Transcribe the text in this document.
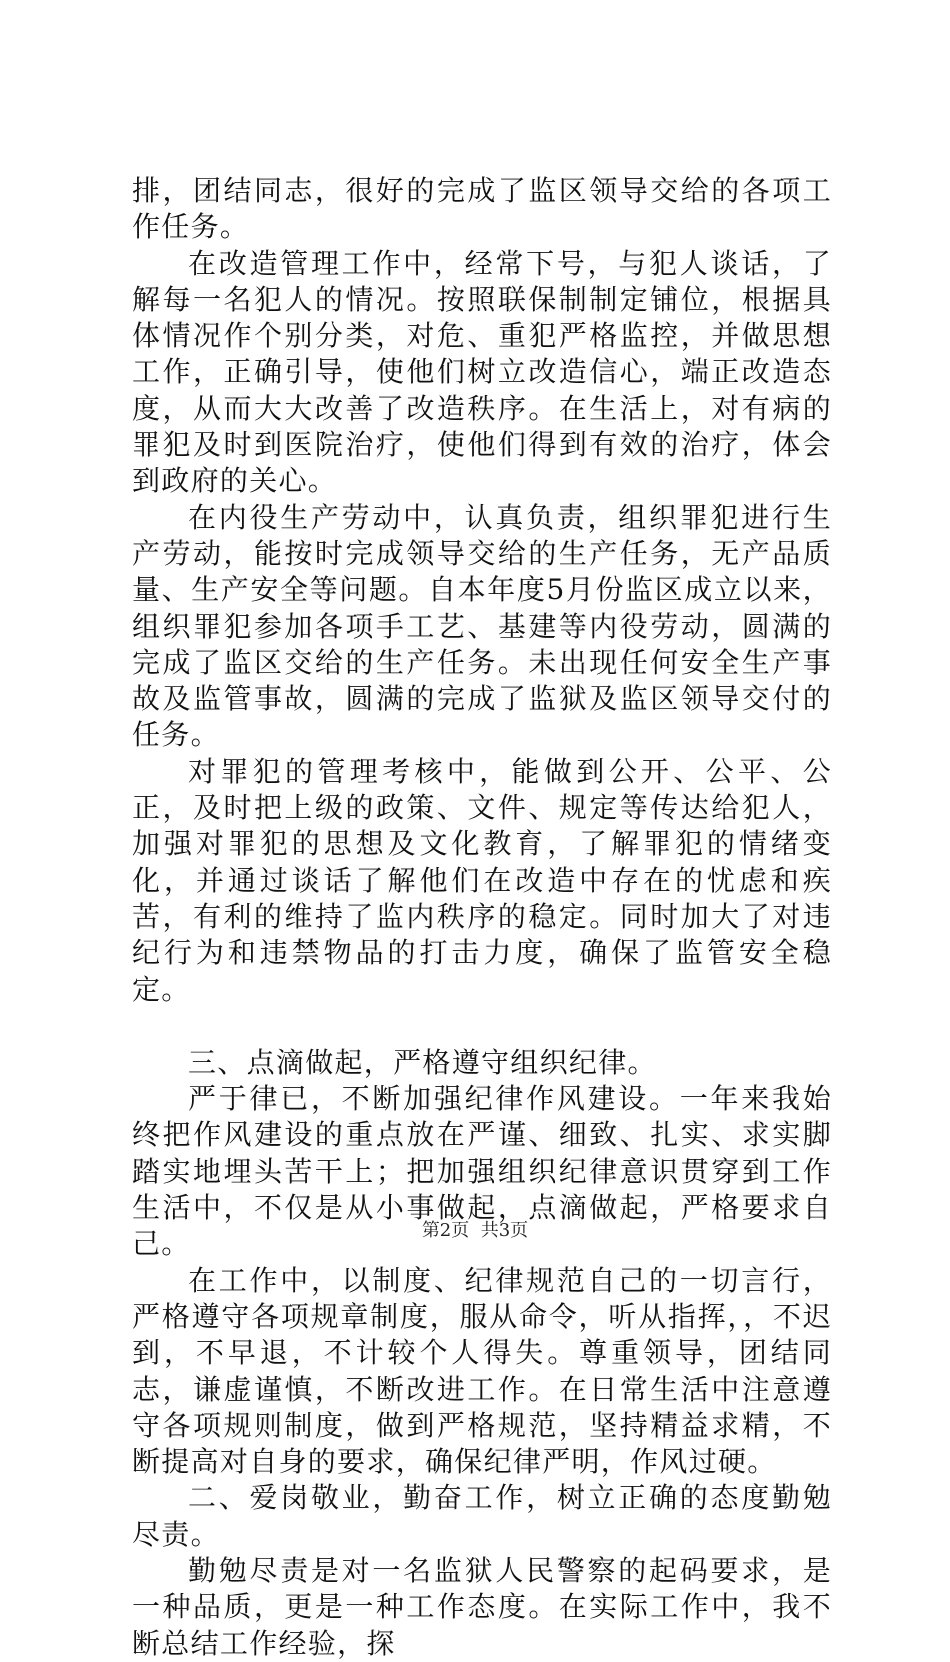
排，团结同志，很好的完成了监区领导交给的各项工作任务。

在改造管理工作中，经常下号，与犯人谈话，了解每一名犯人的情况。按照联保制制定铺位，根据具体情况作个别分类，对危、重犯严格监控，并做思想工作，正确引导，使他们树立改造信心，端正改造态度，从而大大改善了改造秩序。在生活上，对有病的罪犯及时到医院治疗，使他们得到有效的治疗，体会到政府的关心。

在内役生产劳动中，认真负责，组织罪犯进行生产劳动，能按时完成领导交给的生产任务，无产品质量、生产安全等问题。自本年度5月份监区成立以来，组织罪犯参加各项手工艺、基建等内役劳动，圆满的完成了监区交给的生产任务。未出现任何安全生产事故及监管事故，圆满的完成了监狱及监区领导交付的任务。

对罪犯的管理考核中，能做到公开、公平、公正，及时把上级的政策、文件、规定等传达给犯人，加强对罪犯的思想及文化教育，了解罪犯的情绪变化，并通过谈话了解他们在改造中存在的忧虑和疾苦，有利的维持了监内秩序的稳定。同时加大了对违纪行为和违禁物品的打击力度，确保了监管安全稳定。

三、点滴做起，严格遵守组织纪律。

严于律已，不断加强纪律作风建设。一年来我始终把作风建设的重点放在严谨、细致、扎实、求实脚踏实地埋头苦干上；把加强组织纪律意识贯穿到工作生活中，不仅是从小事做起，点滴做起，严格要求自己。

在工作中，以制度、纪律规范自己的一切言行，严格遵守各项规章制度，服从命令，听从指挥，，不迟到，不早退，不计较个人得失。尊重领导，团结同志，谦虚谨慎，不断改进工作。在日常生活中注意遵守各项规则制度，做到严格规范，坚持精益求精，不断提高对自身的要求，确保纪律严明，作风过硬。

二、爱岗敬业，勤奋工作，树立正确的态度勤勉尽责。

勤勉尽责是对一名监狱人民警察的起码要求，是一种品质，更是一种工作态度。在实际工作中，我不断总结工作经验，探

第2页  共3页
